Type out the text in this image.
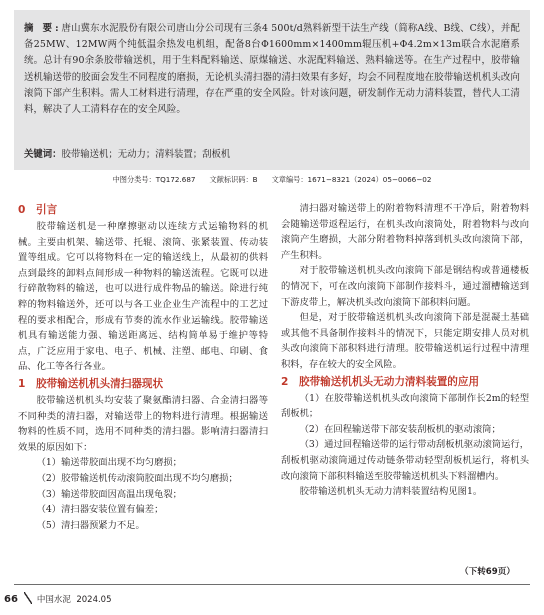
摘 要:唐山冀东水泥股份有限公司唐山分公司现有三条4 500t/d熟料新型干法生产线（简称A线、B线、C线），并配备25MW、12MW两个纯低温余热发电机组，配备8台Φ1600mm×1400mm辊压机+Φ4.2m×13m联合水泥磨系统。总计有90余条胶带输送机，用于生料配料输送、原煤输送、水泥配料输送、熟料输送等。在生产过程中，胶带输送机输送带的胶面会发生不同程度的磨损，无论机头清扫器的清扫效果有多好，均会不同程度地在胶带输送机机头改向滚筒下部产生积料。需人工材料进行清理，存在严重的安全风险。针对该问题，研发制作无动力清料装置，替代人工清料，解决了人工清料存在的安全风险。
关键词：胶带输送机；无动力；清料装置；刮板机
中图分类号：TQ172.687 文献标识码：B 文章编号：1671−8321（2024）05−0066−02
0 引言

胶带输送机是一种摩擦驱动以连续方式运输物料的机械。主要由机架、输送带、托辊、滚筒、张紧装置、传动装置等组成。它可以将物料在一定的输送线上，从最初的供料点到最终的卸料点间形成一种物料的输送流程。它既可以进行碎散物料的输送，也可以进行成件物品的输送。除进行纯粹的物料输送外，还可以与各工业企业生产流程中的工艺过程的要求相配合，形成有节奏的流水作业运输线。胶带输送机具有输送能力强、输送距离远、结构简单易于维护等特点，广泛应用于家电、电子、机械、注塑、邮电、印刷、食品、化工等各行各业。

1 胶带输送机机头清扫器现状

胶带输送机机头均安装了聚氨酯清扫器、合金清扫器等不同种类的清扫器，对输送带上的物料进行清理。根据输送物料的性质不同，选用不同种类的清扫器。影响清扫器清扫效果的原因如下：

（1）输送带胶面出现不均匀磨损；

（2）胶带输送机传动滚筒胶面出现不均匀磨损；

（3）输送带胶面因高温出现龟裂；

（4）清扫器安装位置有偏差；

（5）清扫器预紧力不足。

清扫器对输送带上的附着物料清理不干净后，附着物料会随输送带返程运行，在机头改向滚筒处，附着物料与改向滚筒产生磨损，大部分附着物料掉落到机头改向滚筒下部，产生积料。

对于胶带输送机机头改向滚筒下部是钢结构或普通楼板的情况下，可在改向滚筒下部制作接料斗，通过溜槽输送到下游皮带上，解决机头改向滚筒下部积料问题。

但是，对于胶带输送机机头改向滚筒下部是混凝土基础或其他不具备制作接料斗的情况下，只能定期安排人员对机头改向滚筒下部积料进行清理。胶带输送机运行过程中清理积料，存在较大的安全风险。

2 胶带输送机机头无动力清料装置的应用

（1）在胶带输送机机头改向滚筒下部制作长2m的轻型刮板机；

（2）在回程输送带下部安装刮板机的驱动滚筒；

（3）通过回程输送带的运行带动刮板机驱动滚筒运行，刮板机驱动滚筒通过传动链条带动轻型刮板机运行，将机头改向滚筒下部积料输送至胶带输送机机头下料溜槽内。

胶带输送机机头无动力清料装置结构见图1。

（下转69页）
66 中国水泥 2024.05
